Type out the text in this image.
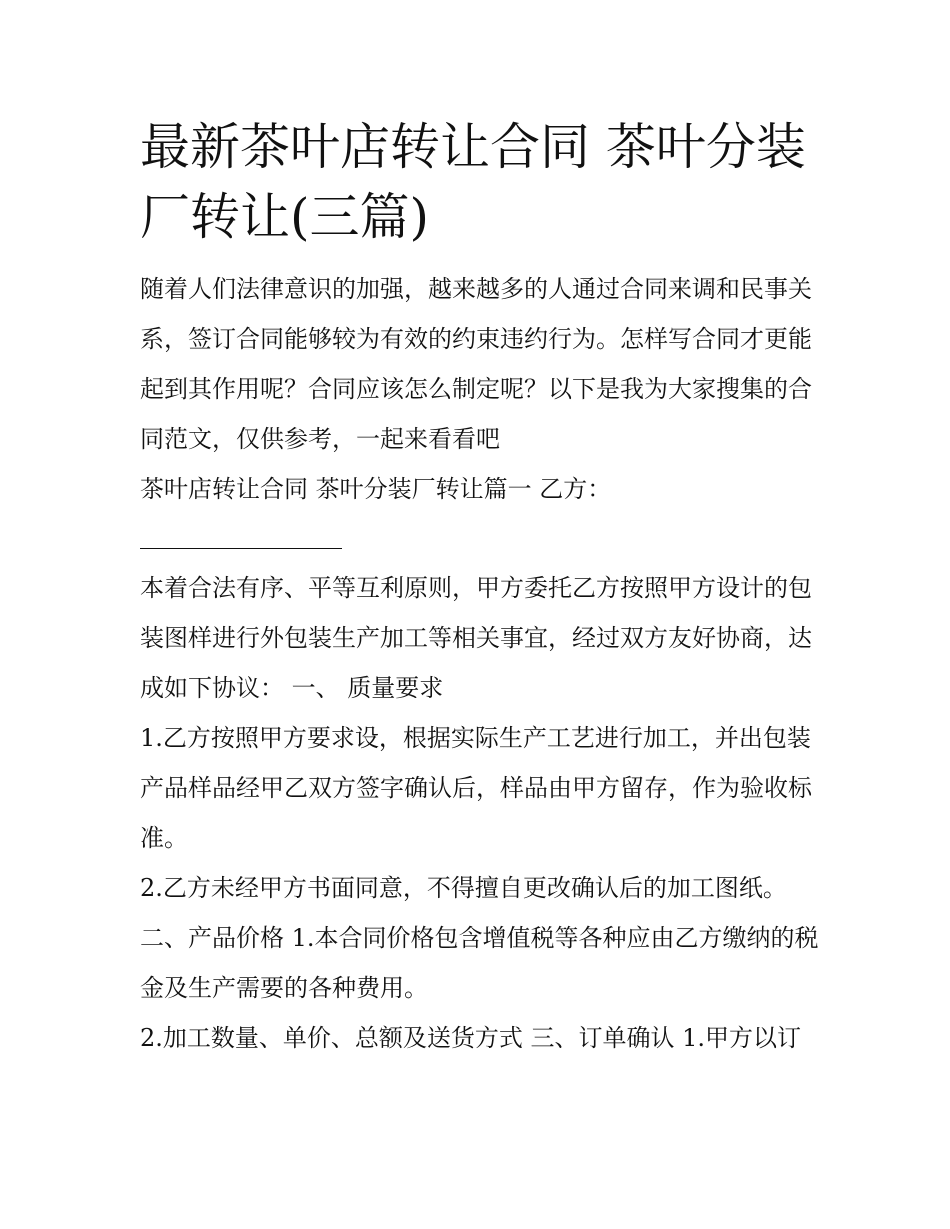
最新茶叶店转让合同 茶叶分装厂转让(三篇)

随着人们法律意识的加强，越来越多的人通过合同来调和民事关系，签订合同能够较为有效的约束违约行为。怎样写合同才更能起到其作用呢？合同应该怎么制定呢？以下是我为大家搜集的合同范文，仅供参考，一起来看看吧

茶叶店转让合同 茶叶分装厂转让篇一 乙方：

本着合法有序、平等互利原则，甲方委托乙方按照甲方设计的包装图样进行外包装生产加工等相关事宜，经过双方友好协商，达成如下协议： 一、 质量要求

1.乙方按照甲方要求设，根据实际生产工艺进行加工，并出包装产品样品经甲乙双方签字确认后，样品由甲方留存，作为验收标准。

2.乙方未经甲方书面同意，不得擅自更改确认后的加工图纸。

二、产品价格 1.本合同价格包含增值税等各种应由乙方缴纳的税金及生产需要的各种费用。

2.加工数量、单价、总额及送货方式 三、订单确认 1.甲方以订
